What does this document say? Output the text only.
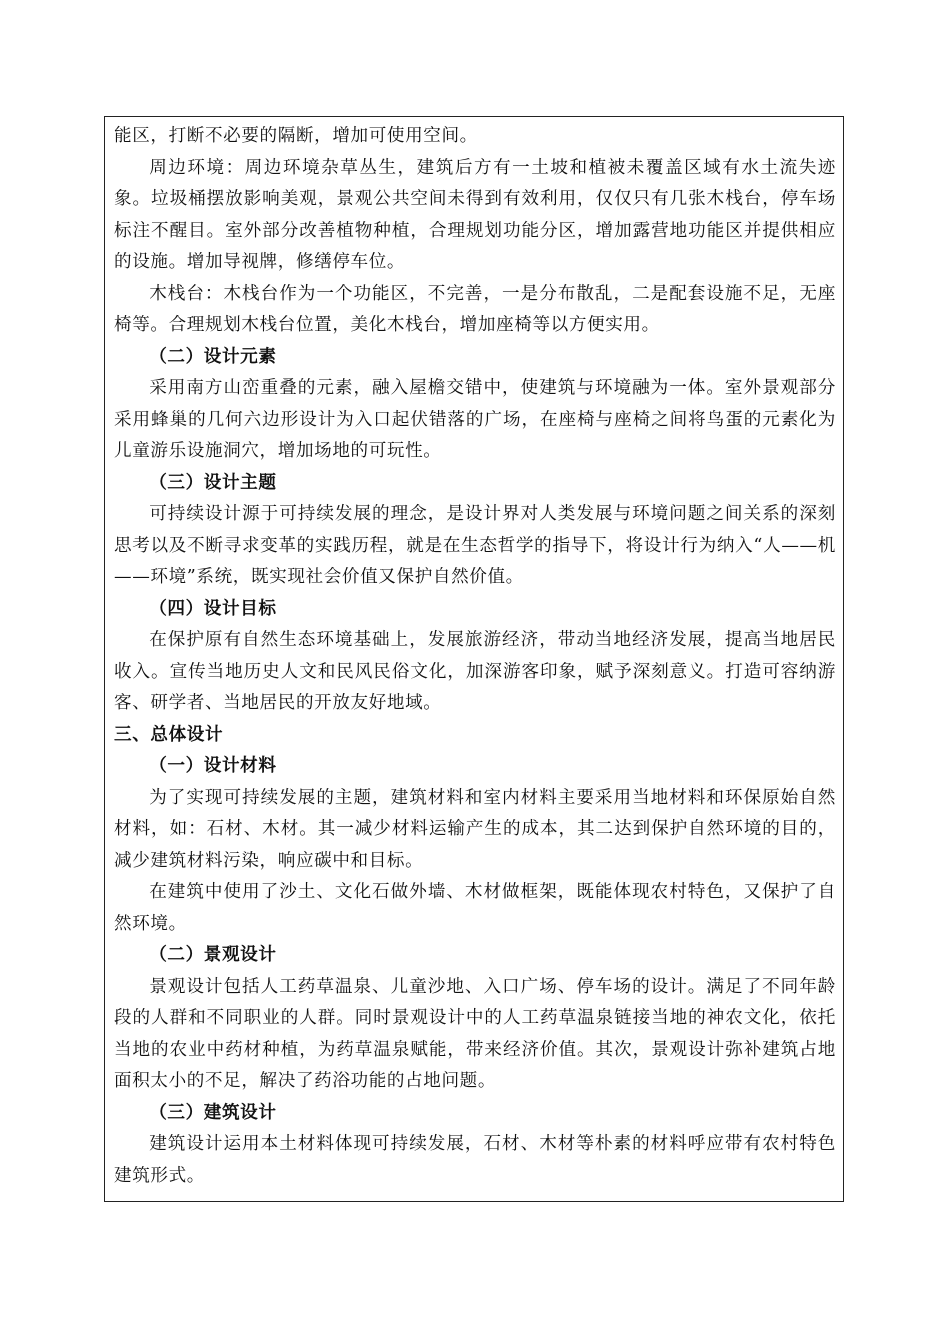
能区，打断不必要的隔断，增加可使用空间。

周边环境：周边环境杂草丛生，建筑后方有一土坡和植被未覆盖区域有水土流失迹象。垃圾桶摆放影响美观，景观公共空间未得到有效利用，仅仅只有几张木栈台，停车场标注不醒目。室外部分改善植物种植，合理规划功能分区，增加露营地功能区并提供相应的设施。增加导视牌，修缮停车位。

木栈台：木栈台作为一个功能区，不完善，一是分布散乱，二是配套设施不足，无座椅等。合理规划木栈台位置，美化木栈台，增加座椅等以方便实用。

（二）设计元素

采用南方山峦重叠的元素，融入屋檐交错中，使建筑与环境融为一体。室外景观部分采用蜂巢的几何六边形设计为入口起伏错落的广场，在座椅与座椅之间将鸟蛋的元素化为儿童游乐设施洞穴，增加场地的可玩性。

（三）设计主题

可持续设计源于可持续发展的理念，是设计界对人类发展与环境问题之间关系的深刻思考以及不断寻求变革的实践历程，就是在生态哲学的指导下，将设计行为纳入“人——机——环境”系统，既实现社会价值又保护自然价值。

（四）设计目标

在保护原有自然生态环境基础上，发展旅游经济，带动当地经济发展，提高当地居民收入。宣传当地历史人文和民风民俗文化，加深游客印象，赋予深刻意义。打造可容纳游客、研学者、当地居民的开放友好地域。

三、总体设计

（一）设计材料

为了实现可持续发展的主题，建筑材料和室内材料主要采用当地材料和环保原始自然材料，如：石材、木材。其一减少材料运输产生的成本，其二达到保护自然环境的目的，减少建筑材料污染，响应碳中和目标。

在建筑中使用了沙土、文化石做外墙、木材做框架，既能体现农村特色，又保护了自然环境。

（二）景观设计

景观设计包括人工药草温泉、儿童沙地、入口广场、停车场的设计。满足了不同年龄段的人群和不同职业的人群。同时景观设计中的人工药草温泉链接当地的神农文化，依托当地的农业中药材种植，为药草温泉赋能，带来经济价值。其次，景观设计弥补建筑占地面积太小的不足，解决了药浴功能的占地问题。

（三）建筑设计

建筑设计运用本土材料体现可持续发展，石材、木材等朴素的材料呼应带有农村特色建筑形式。
